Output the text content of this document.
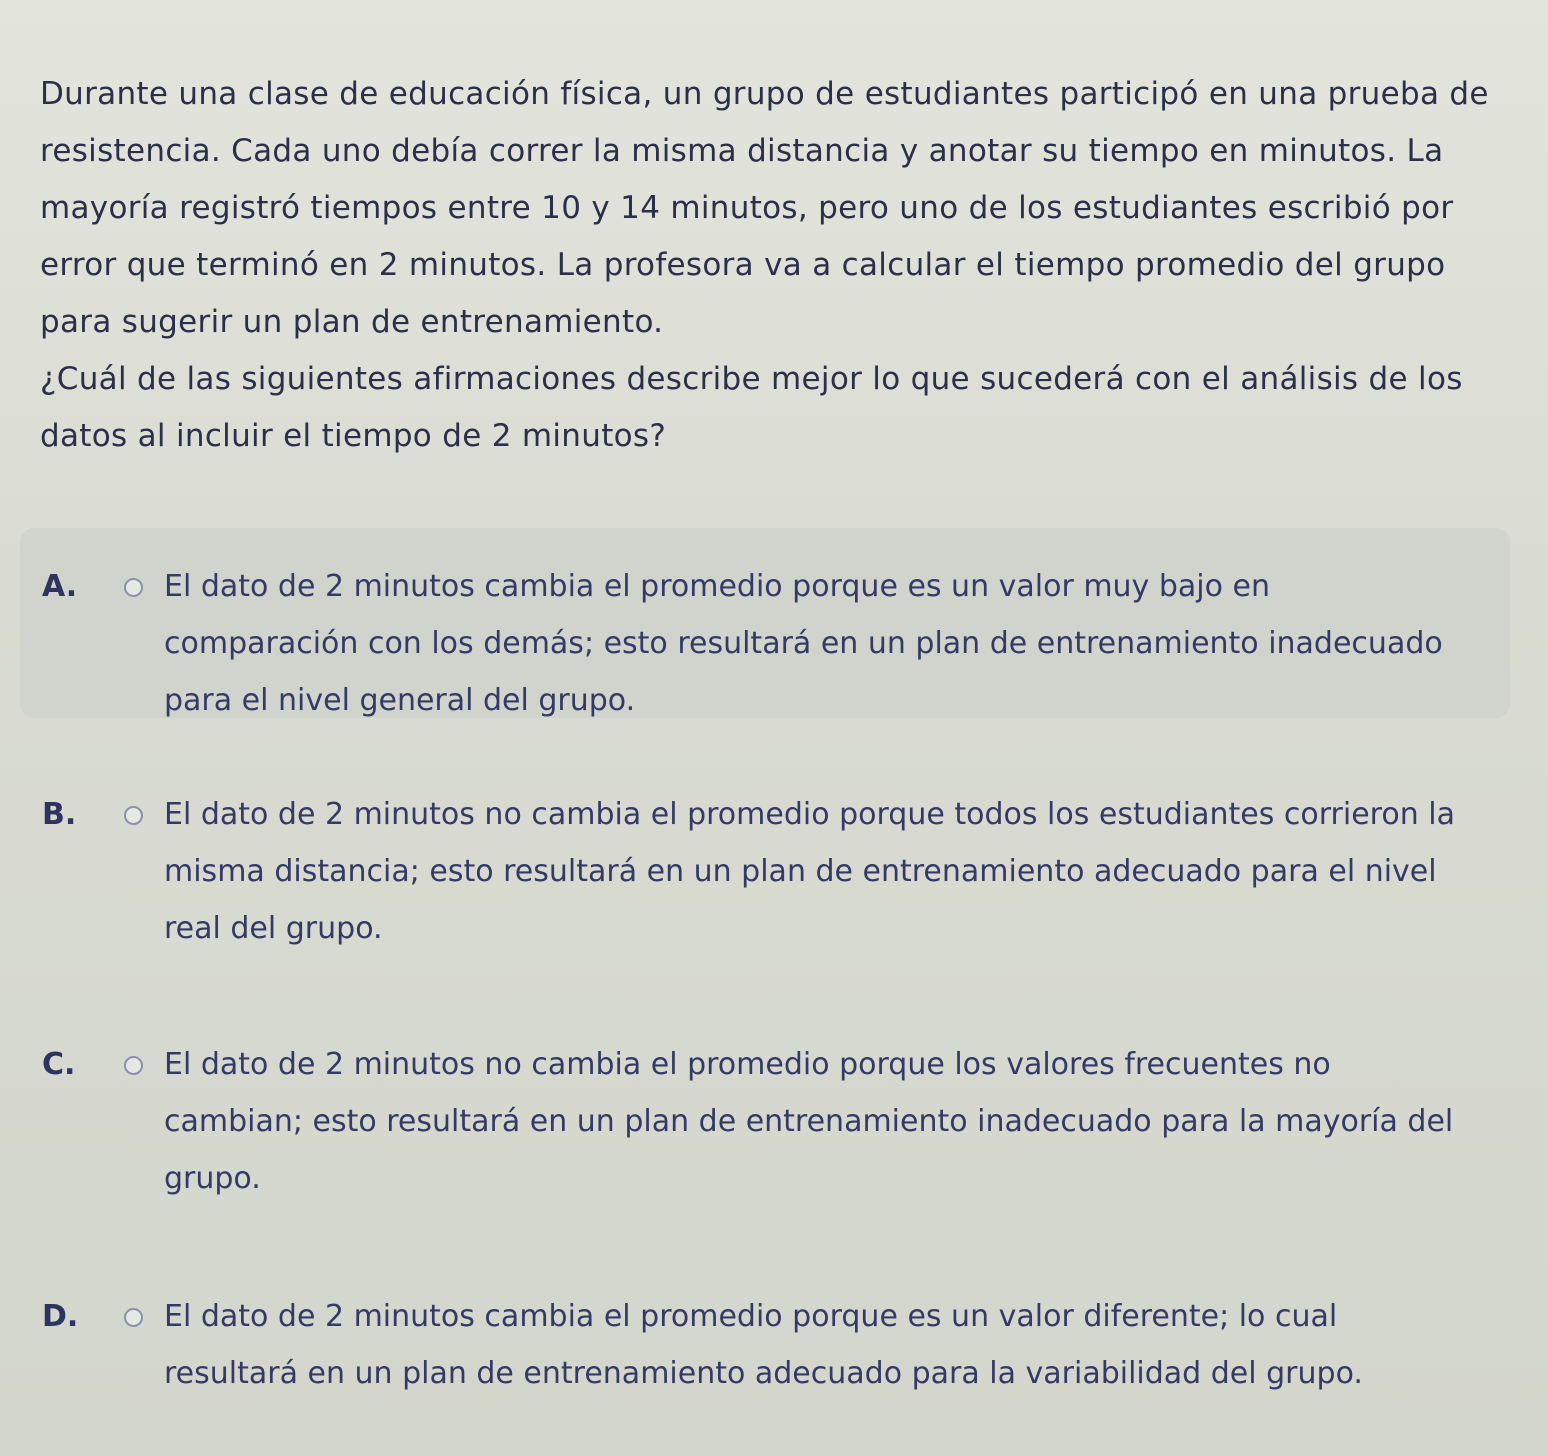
Durante una clase de educación física, un grupo de estudiantes participó en una prueba de resistencia. Cada uno debía correr la misma distancia y anotar su tiempo en minutos. La mayoría registró tiempos entre 10 y 14 minutos, pero uno de los estudiantes escribió por error que terminó en 2 minutos. La profesora va a calcular el tiempo promedio del grupo para sugerir un plan de entrenamiento.

¿Cuál de las siguientes afirmaciones describe mejor lo que sucederá con el análisis de los datos al incluir el tiempo de 2 minutos?

A.	El dato de 2 minutos cambia el promedio porque es un valor muy bajo en comparación con los demás; esto resultará en un plan de entrenamiento inadecuado para el nivel general del grupo.
B.	El dato de 2 minutos no cambia el promedio porque todos los estudiantes corrieron la misma distancia; esto resultará en un plan de entrenamiento adecuado para el nivel real del grupo.
C.	El dato de 2 minutos no cambia el promedio porque los valores frecuentes no cambian; esto resultará en un plan de entrenamiento inadecuado para la mayoría del grupo.
D.	El dato de 2 minutos cambia el promedio porque es un valor diferente; lo cual resultará en un plan de entrenamiento adecuado para la variabilidad del grupo.
